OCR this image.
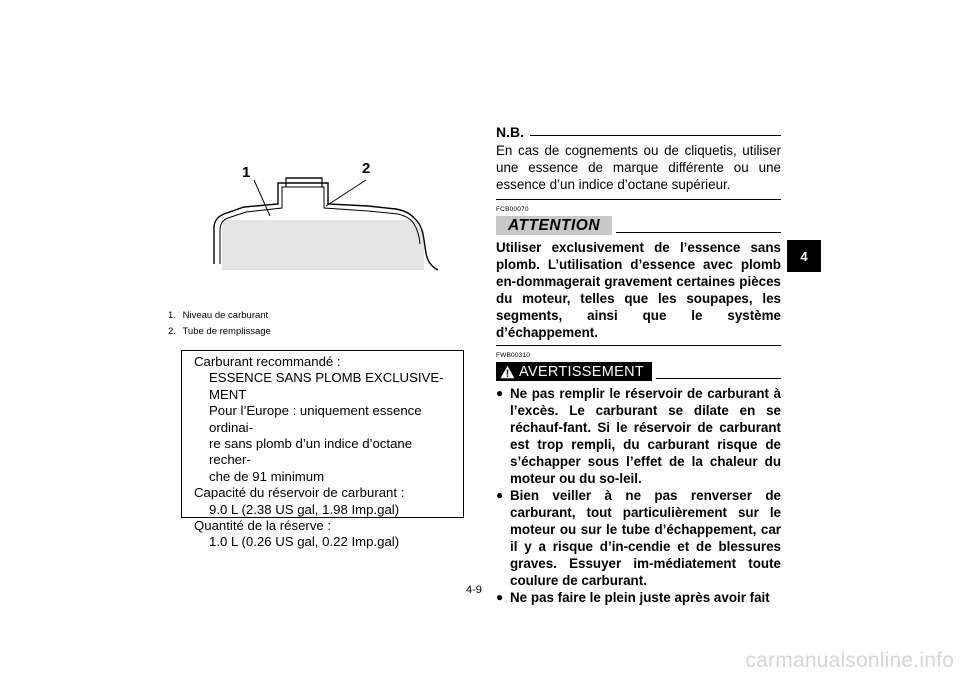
1	2
1. Niveau de carburant
2. Tube de remplissage
Carburant recommandé :
ESSENCE SANS PLOMB EXCLUSIVE-
MENT
Pour l’Europe : uniquement essence ordinai-
re sans plomb d’un indice d’octane recher-
che de 91 minimum
Capacité du réservoir de carburant :
9.0 L (2.38 US gal, 1.98 Imp.gal)
Quantité de la réserve :
1.0 L (0.26 US gal, 0.22 Imp.gal)
N.B.
En cas de cognements ou de cliquetis, utiliser une essence de marque différente ou une essence d’un indice d’octane supérieur.
FCB00070
ATTENTION
Utiliser exclusivement de l’essence sans plomb. L’utilisation d’essence avec plomb en-dommagerait gravement certaines pièces du moteur, telles que les soupapes, les segments, ainsi que le système d’échappement.
FWB00310
AVERTISSEMENT
● Ne pas remplir le réservoir de carburant à l’excès. Le carburant se dilate en se réchauf-fant. Si le réservoir de carburant est trop rempli, du carburant risque de s’échapper sous l’effet de la chaleur du moteur ou du so-leil.
● Bien veiller à ne pas renverser de carburant, tout particulièrement sur le moteur ou sur le tube d’échappement, car il y a risque d’in-cendie et de blessures graves. Essuyer im-médiatement toute coulure de carburant.
● Ne pas faire le plein juste après avoir fait
4
4-9
carmanualsonline.info
